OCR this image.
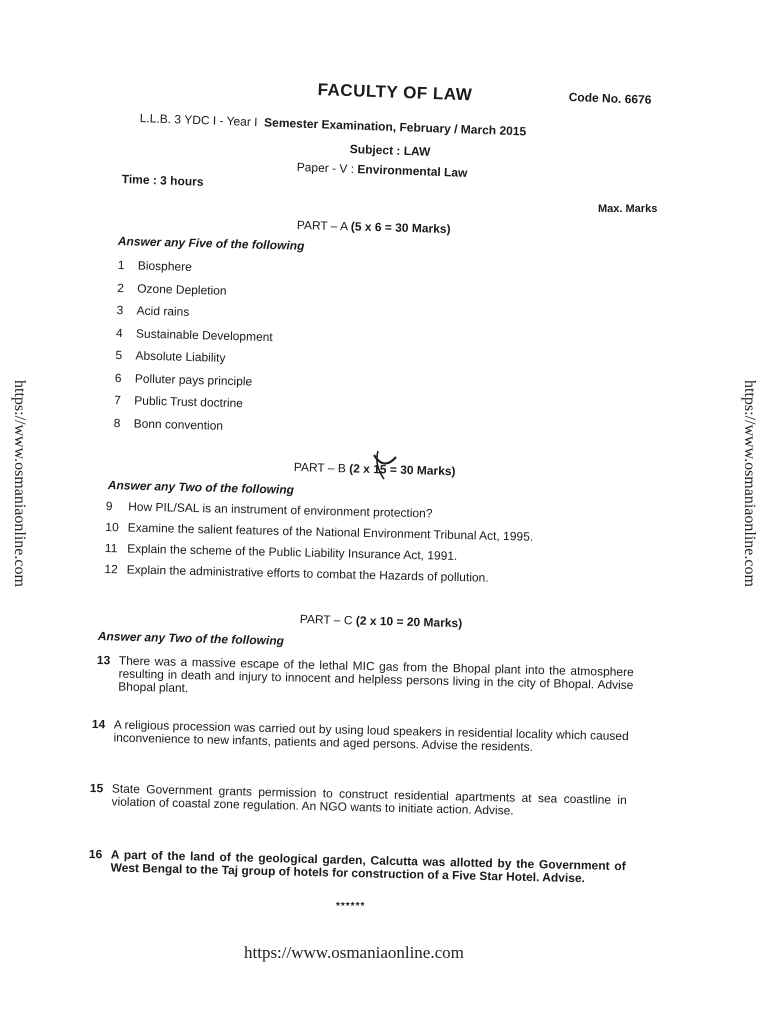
FACULTY OF LAW	Code No. 6676
L.L.B. 3 YDC I - Year I Semester Examination, February / March 2015
Subject : LAW
Paper - V : Environmental Law
Time : 3 hours
Max. Marks
PART – A (5 x 6 = 30 Marks)
Answer any Five of the following
1	Biosphere
2	Ozone Depletion
3	Acid rains
4	Sustainable Development
5	Absolute Liability
6	Polluter pays principle
7	Public Trust doctrine
8	Bonn convention
PART – B (2 x 15 = 30 Marks)
Answer any Two of the following
9
	How PIL/SAL is an instrument of environment protection?
10
Examine the salient features of the National Environment Tribunal Act, 1995.
11
Explain the scheme of the Public Liability Insurance Act, 1991.
12
Explain the administrative efforts to combat the Hazards of pollution.
PART – C (2 x 10 = 20 Marks)
Answer any Two of the following
13 There was a massive escape of the lethal MIC gas from the Bhopal plant into the atmosphere resulting in death and injury to innocent and helpless persons living in the city of Bhopal. Advise Bhopal plant.
14 A religious procession was carried out by using loud speakers in residential locality which caused inconvenience to new infants, patients and aged persons. Advise the residents.
15 State Government grants permission to construct residential apartments at sea coastline in violation of coastal zone regulation. An NGO wants to initiate action. Advise.
16 A part of the land of the geological garden, Calcutta was allotted by the Government of West Bengal to the Taj group of hotels for construction of a Five Star Hotel. Advise.
******
https://www.osmaniaonline.com	https://www.osmaniaonline.com
https://www.osmaniaonline.com
